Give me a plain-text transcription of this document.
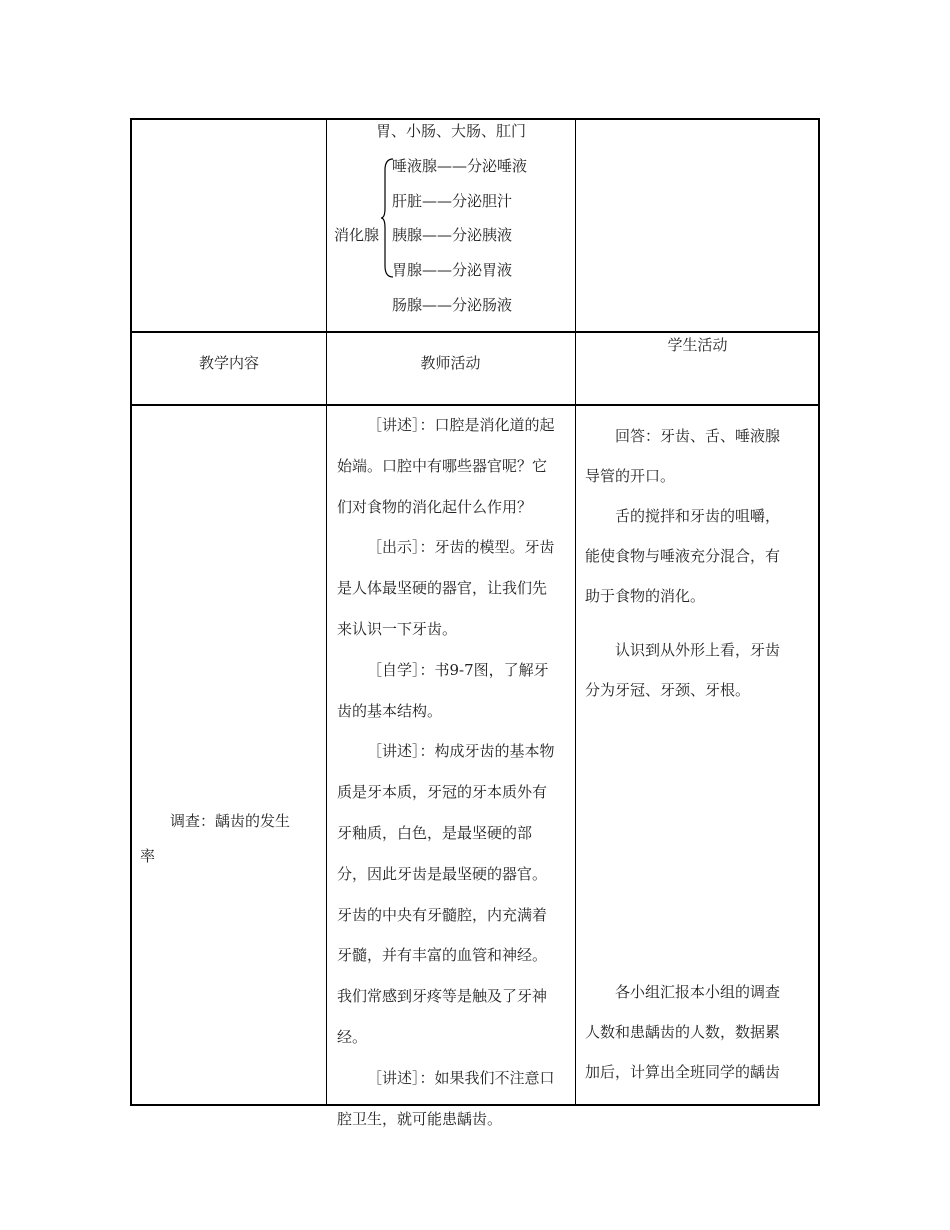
胃、小肠、大肠、肛门
消化腺
唾液腺——分泌唾液
肝脏——分泌胆汁
胰腺——分泌胰液
胃腺——分泌胃液
肠腺——分泌肠液
教学内容	教师活动
学生活动
调查：龋齿的发生
率
［讲述］：口腔是消化道的起
始端。口腔中有哪些器官呢？它
们对食物的消化起什么作用？
［出示］：牙齿的模型。牙齿
是人体最坚硬的器官，让我们先
来认识一下牙齿。
［自学］：书9-7图，了解牙
齿的基本结构。
［讲述］：构成牙齿的基本物
质是牙本质，牙冠的牙本质外有
牙釉质，白色，是最坚硬的部
分，因此牙齿是最坚硬的器官。
牙齿的中央有牙髓腔，内充满着
牙髓，并有丰富的血管和神经。
我们常感到牙疼等是触及了牙神
经。
［讲述］：如果我们不注意口
腔卫生，就可能患龋齿。
回答：牙齿、舌、唾液腺
导管的开口。
舌的搅拌和牙齿的咀嚼，
能使食物与唾液充分混合，有
助于食物的消化。
认识到从外形上看，牙齿
分为牙冠、牙颈、牙根。
各小组汇报本小组的调查
人数和患龋齿的人数，数据累
加后，计算出全班同学的龋齿
